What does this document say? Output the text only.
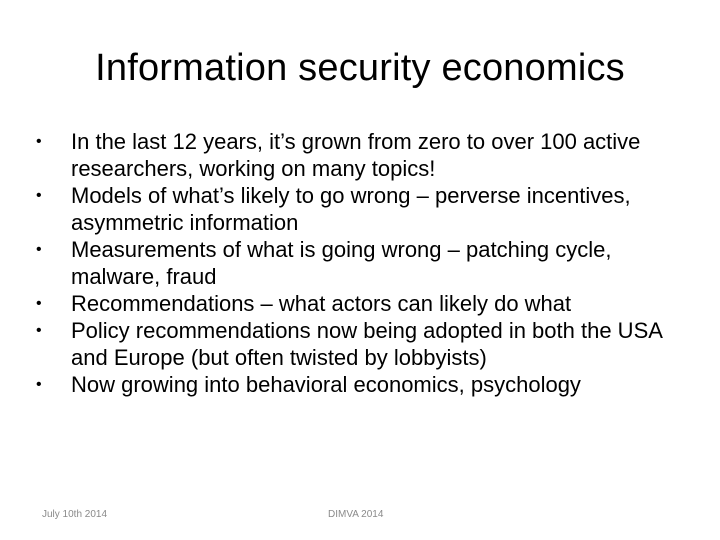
Information security economics
•	In the last 12 years, it’s grown from zero to over 100 active researchers, working on many topics!
•	Models of what’s likely to go wrong – perverse incentives, asymmetric information
•	Measurements of what is going wrong – patching cycle, malware, fraud
•	Recommendations – what actors can likely do what
•	Policy recommendations now being adopted in both the USA and Europe (but often twisted by lobbyists)
•	Now growing into behavioral economics, psychology
July 10th 2014	DIMVA 2014
